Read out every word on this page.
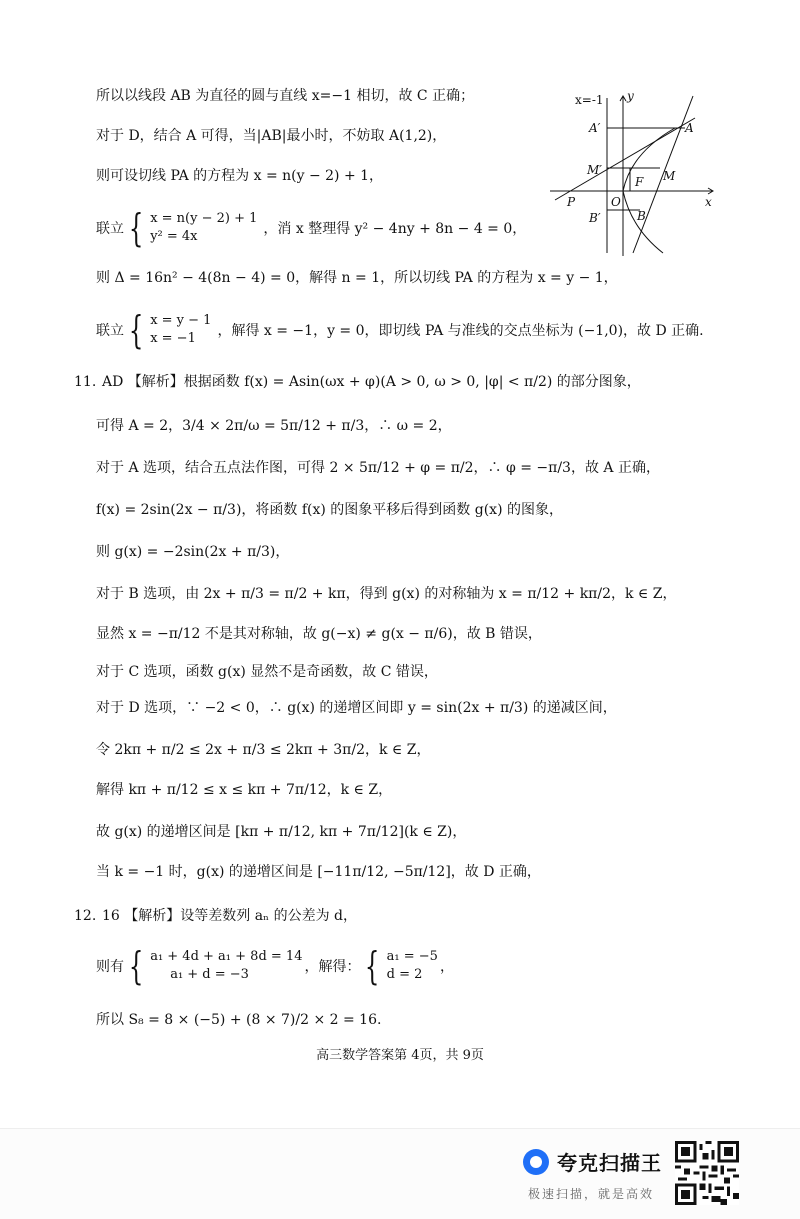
所以以线段 AB 为直径的圆与直线 x=−1 相切，故 C 正确；
对于 D，结合 A 可得，当|AB|最小时，不妨取 A(1,2)，
则可设切线 PA 的方程为 x = n(y − 2) + 1，
联立 { x = n(y − 2) + 1
y² = 4x	，消 x 整理得 y² − 4ny + 8n − 4 = 0，
则 Δ = 16n² − 4(8n − 4) = 0，解得 n = 1，所以切线 PA 的方程为 x = y − 1，
联立 { x = y − 1
x = −1	，解得 x = −1，y = 0，即切线 PA 与准线的交点坐标为 (−1,0)，故 D 正确.
x=-1 y
x
A
A′
M
M′
F
P	O
B
B′
11. AD 【解析】根据函数 f(x) = Asin(ωx + φ)(A > 0, ω > 0, |φ| < π/2) 的部分图象，
可得 A = 2，3/4 × 2π/ω = 5π/12 + π/3，∴ ω = 2，
对于 A 选项，结合五点法作图，可得 2 × 5π/12 + φ = π/2，∴ φ = −π/3，故 A 正确，
f(x) = 2sin(2x − π/3)，将函数 f(x) 的图象平移后得到函数 g(x) 的图象，
则 g(x) = −2sin(2x + π/3)，
对于 B 选项，由 2x + π/3 = π/2 + kπ，得到 g(x) 的对称轴为 x = π/12 + kπ/2，k ∈ Z，
显然 x = −π/12 不是其对称轴，故 g(−x) ≠ g(x − π/6)，故 B 错误，
对于 C 选项，函数 g(x) 显然不是奇函数，故 C 错误，
对于 D 选项，∵ −2 < 0，∴ g(x) 的递增区间即 y = sin(2x + π/3) 的递减区间，
令 2kπ + π/2 ≤ 2x + π/3 ≤ 2kπ + 3π/2，k ∈ Z，
解得 kπ + π/12 ≤ x ≤ kπ + 7π/12，k ∈ Z，
故 g(x) 的递增区间是 [kπ + π/12, kπ + 7π/12](k ∈ Z)，
当 k = −1 时，g(x) 的递增区间是 [−11π/12, −5π/12]，故 D 正确，
12. 16 【解析】设等差数列 aₙ 的公差为 d，
则有 { a₁ + 4d + a₁ + 8d = 14
a₁ + d = −3	，解得： { a₁ = −5
d = 2	，
所以 S₈ = 8 × (−5) + (8 × 7)/2 × 2 = 16.
高三数学答案第 4页，共 9页
夸克扫描王
极速扫描，就是高效
